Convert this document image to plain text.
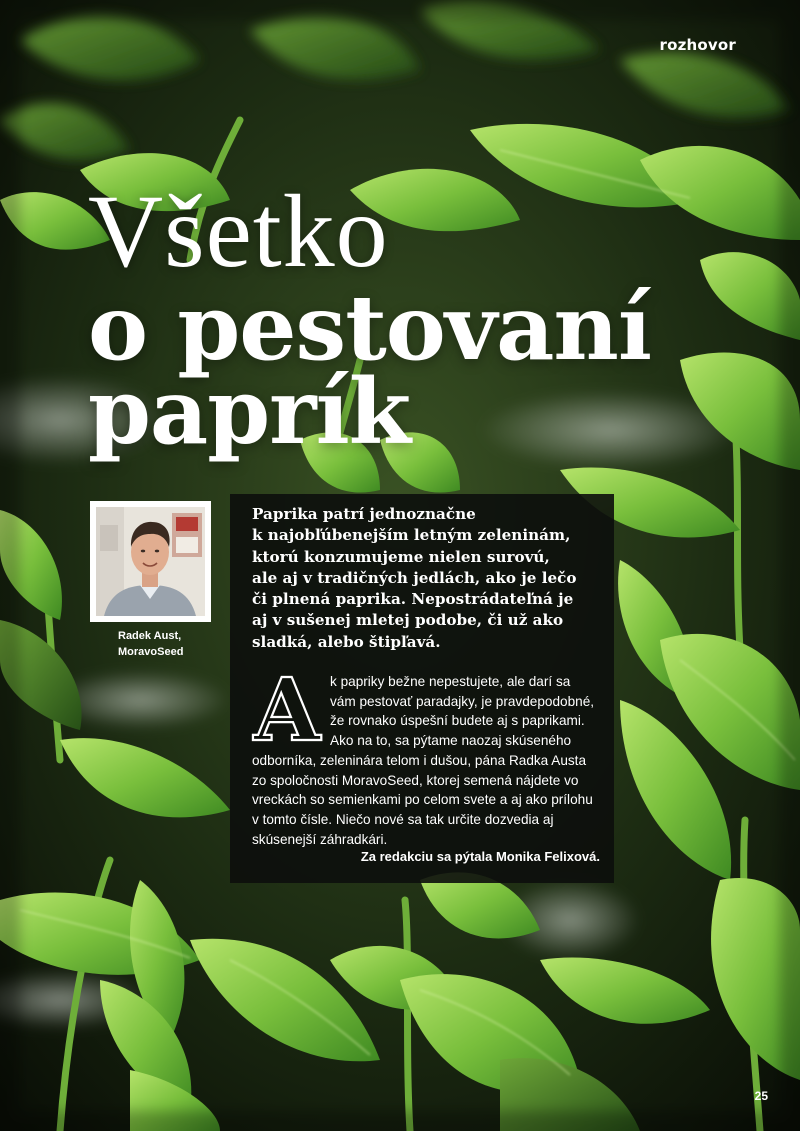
rozhovor
Všetko
o pestovaní
paprík
Radek Aust,
MoravoSeed
Paprika patrí jednoznačne
k najobľúbenejším letným zeleninám,
ktorú konzumujeme nielen surovú,
ale aj v tradičných jedlách, ako je lečo
či plnená paprika. Nepostrádateľná je
aj v sušenej mletej podobe, či už ako
sladká, alebo štipľavá.
A k papriky bežne nepestujete, ale darí sa
vám pestovať paradajky, je pravdepodobné,
že rovnako úspešní budete aj s paprikami.
Ako na to, sa pýtame naozaj skúseného
odborníka, zeleninára telom i dušou, pána Radka Austa
zo spoločnosti MoravoSeed, ktorej semená nájdete vo
vreckách so semienkami po celom svete a aj ako prílohu
v tomto čísle. Niečo nové sa tak určite dozvedia aj
skúsenejší záhradkári.
Za redakciu sa pýtala Monika Felixová.
25
